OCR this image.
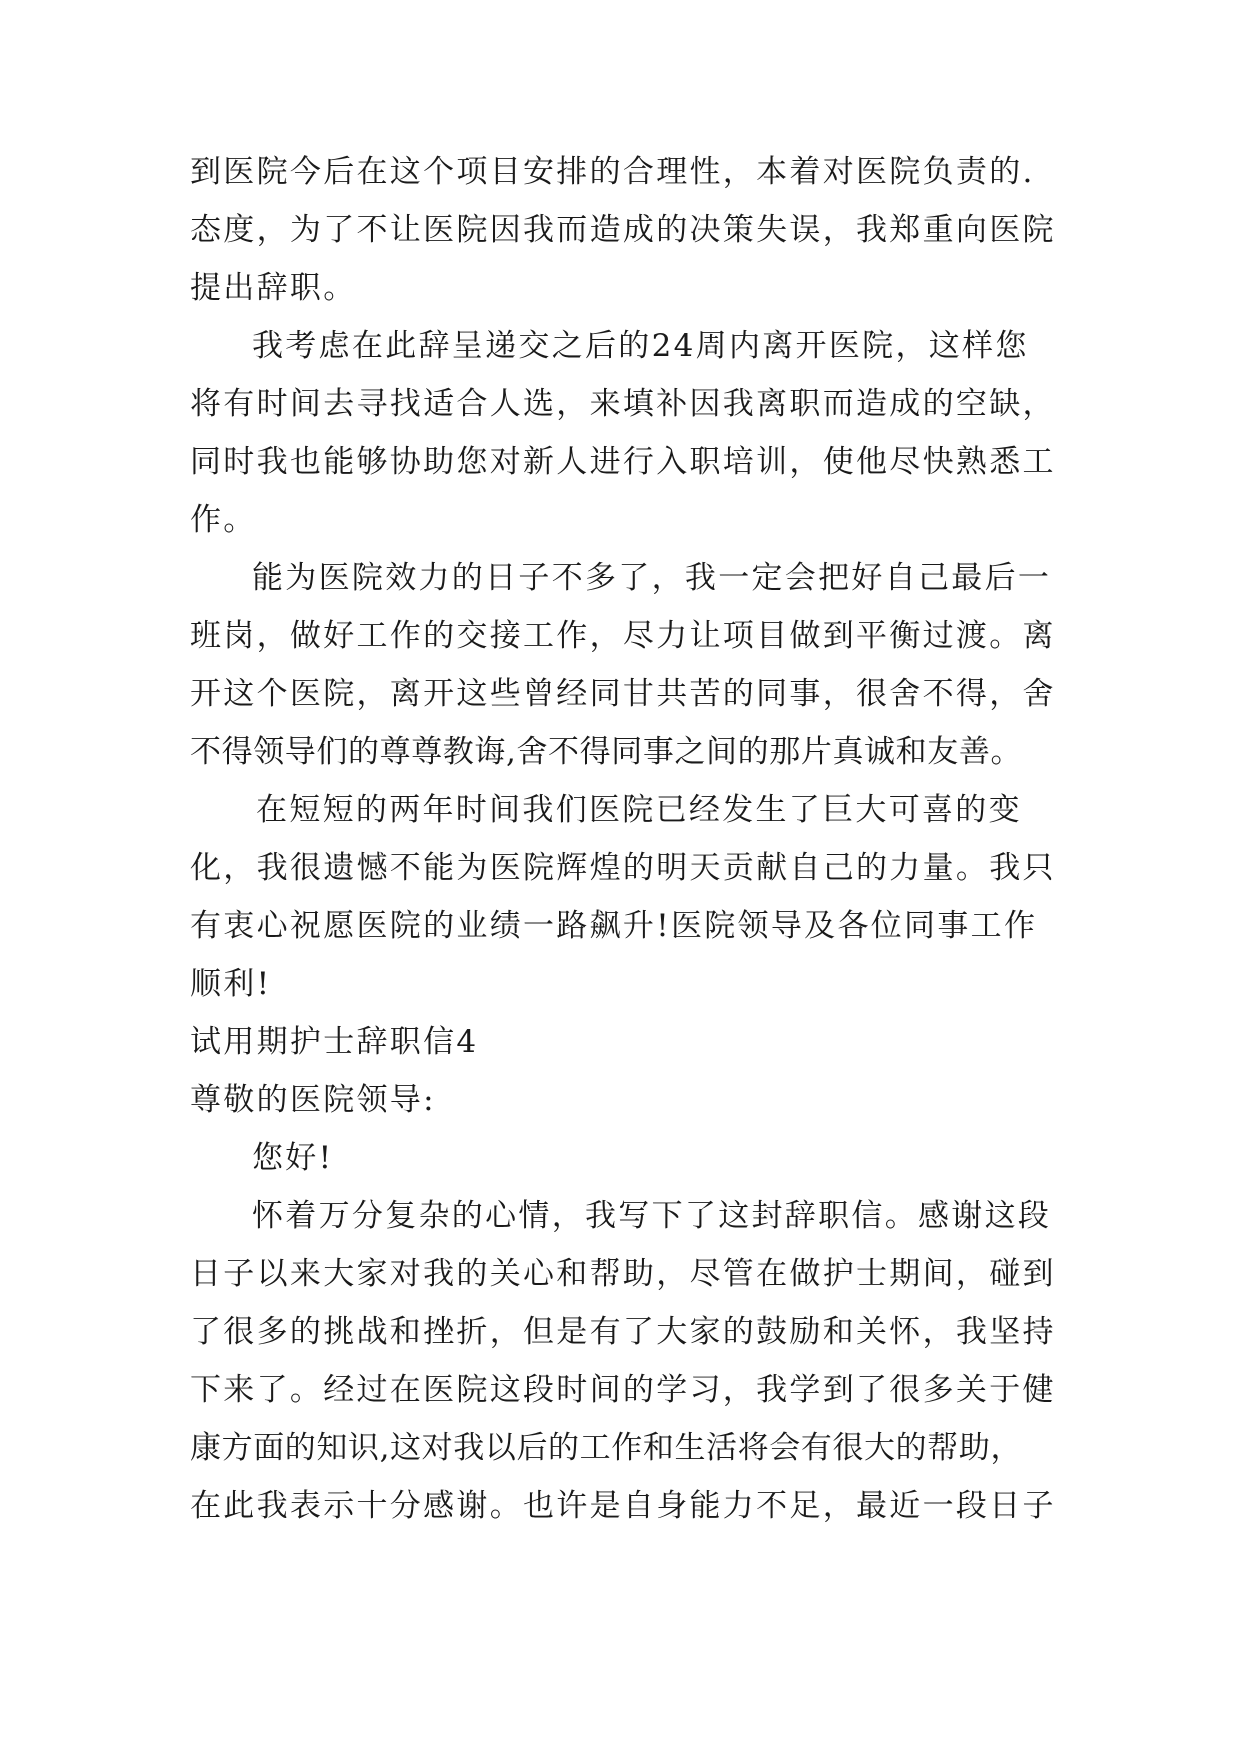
到医院今后在这个项目安排的合理性，本着对医院负责的.
态度，为了不让医院因我而造成的决策失误，我郑重向医院
提出辞职。
我考虑在此辞呈递交之后的24周内离开医院，这样您
将有时间去寻找适合人选，来填补因我离职而造成的空缺，
同时我也能够协助您对新人进行入职培训，使他尽快熟悉工
作。
能为医院效力的日子不多了，我一定会把好自己最后一
班岗，做好工作的交接工作，尽力让项目做到平衡过渡。离
开这个医院，离开这些曾经同甘共苦的同事，很舍不得，舍
不得领导们的尊尊教诲,舍不得同事之间的那片真诚和友善。
在短短的两年时间我们医院已经发生了巨大可喜的变
化，我很遗憾不能为医院辉煌的明天贡献自己的力量。我只
有衷心祝愿医院的业绩一路飙升!医院领导及各位同事工作
顺利!
试用期护士辞职信4
尊敬的医院领导:
您好!
怀着万分复杂的心情，我写下了这封辞职信。感谢这段
日子以来大家对我的关心和帮助，尽管在做护士期间，碰到
了很多的挑战和挫折，但是有了大家的鼓励和关怀，我坚持
下来了。经过在医院这段时间的学习，我学到了很多关于健
康方面的知识,这对我以后的工作和生活将会有很大的帮助，
在此我表示十分感谢。也许是自身能力不足，最近一段日子
